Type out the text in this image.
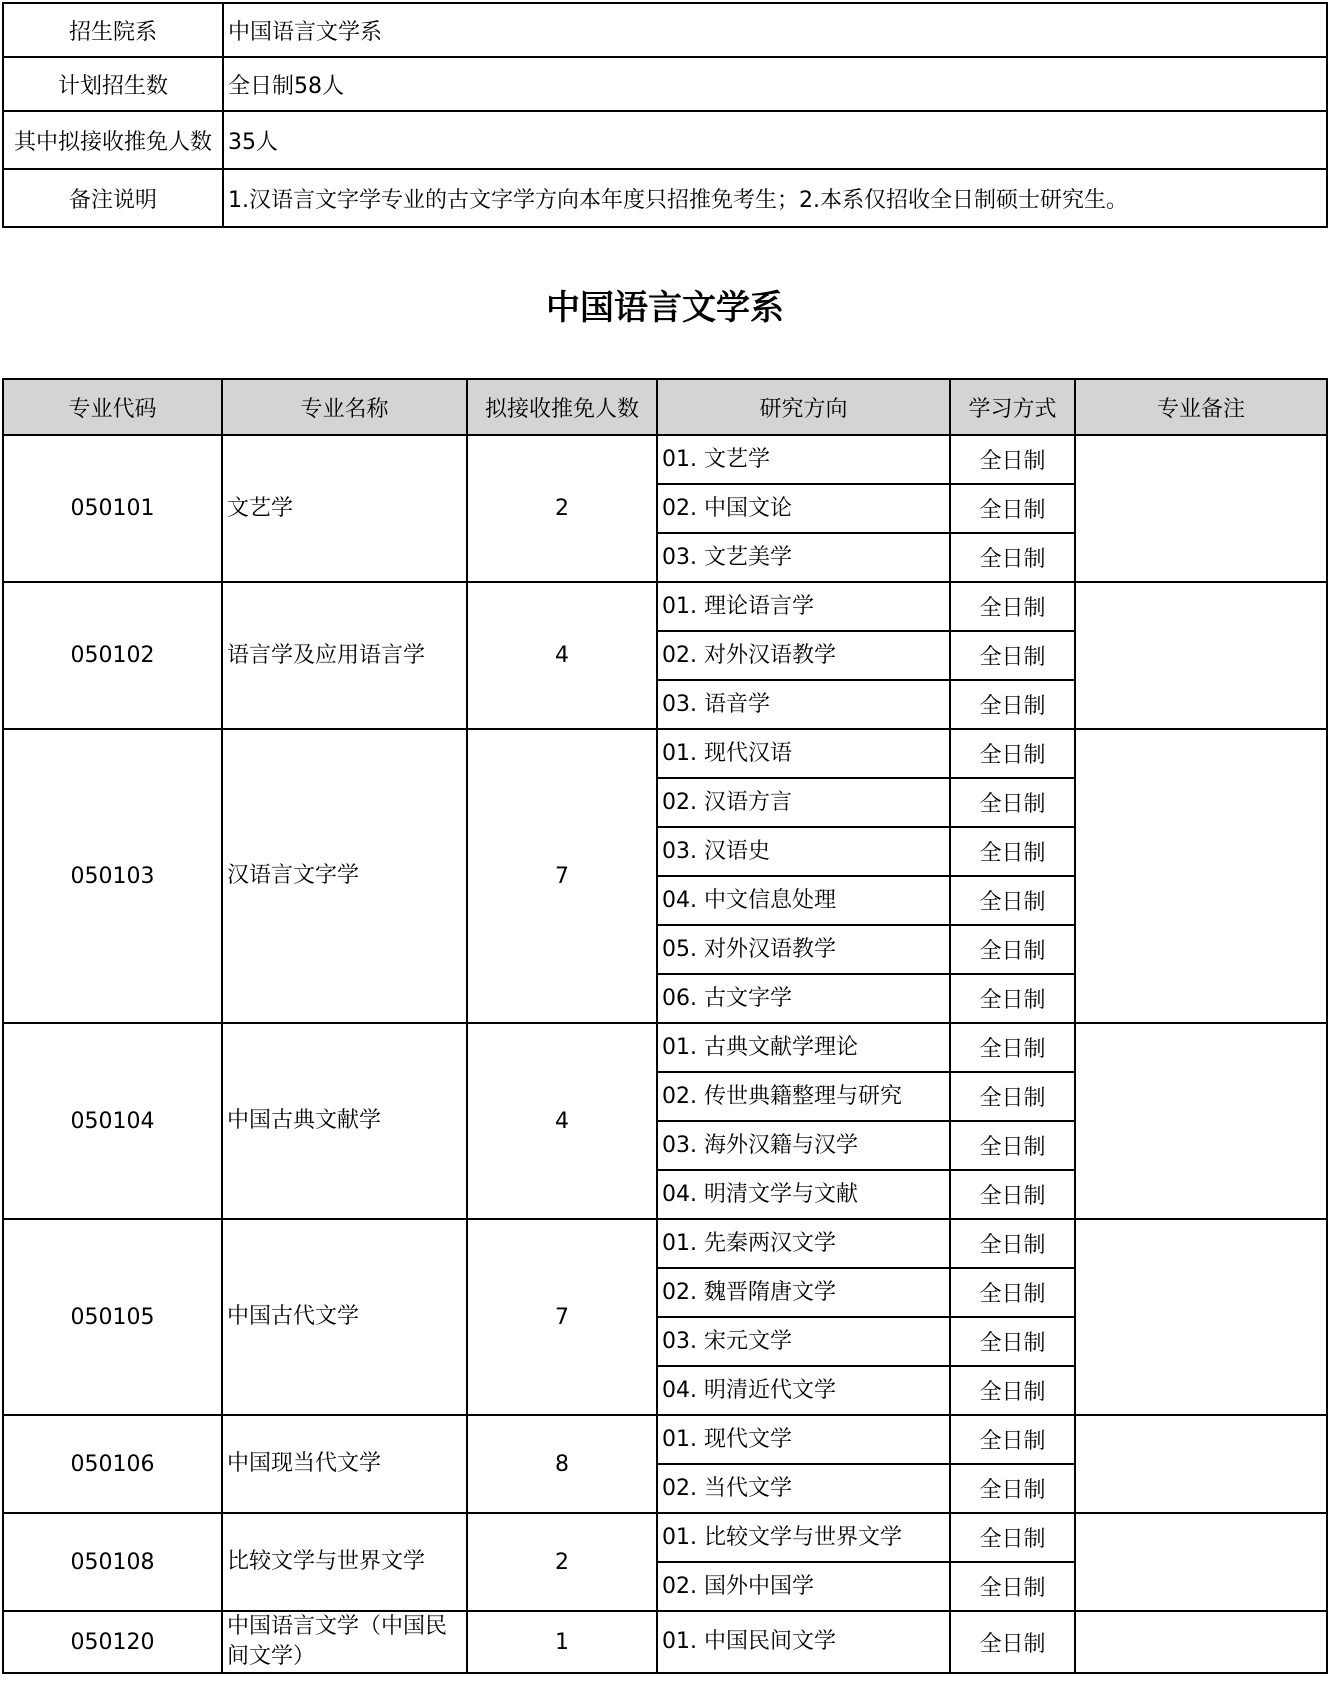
招生院系	中国语言文学系
计划招生数	全日制58人
其中拟接收推免人数	35人
备注说明	1.汉语言文字学专业的古文字学方向本年度只招推免考生；2.本系仅招收全日制硕士研究生。
中国语言文学系
专业代码	专业名称	拟接收推免人数	研究方向	学习方式	专业备注
050101	文艺学	2	01. 文艺学	全日制	
			02. 中国文论	全日制	
			03. 文艺美学	全日制	
050102	语言学及应用语言学	4	01. 理论语言学	全日制	
			02. 对外汉语教学	全日制	
			03. 语音学	全日制	
050103	汉语言文字学	7	01. 现代汉语	全日制	
			02. 汉语方言	全日制	
			03. 汉语史	全日制	
			04. 中文信息处理	全日制	
			05. 对外汉语教学	全日制	
			06. 古文字学	全日制	
050104	中国古典文献学	4	01. 古典文献学理论	全日制	
			02. 传世典籍整理与研究	全日制	
			03. 海外汉籍与汉学	全日制	
			04. 明清文学与文献	全日制	
050105	中国古代文学	7	01. 先秦两汉文学	全日制	
			02. 魏晋隋唐文学	全日制	
			03. 宋元文学	全日制	
			04. 明清近代文学	全日制	
050106	中国现当代文学	8	01. 现代文学	全日制	
			02. 当代文学	全日制	
050108	比较文学与世界文学	2	01. 比较文学与世界文学	全日制	
			02. 国外中国学	全日制	
050120	中国语言文学（中国民间文学）	1	01. 中国民间文学	全日制	
